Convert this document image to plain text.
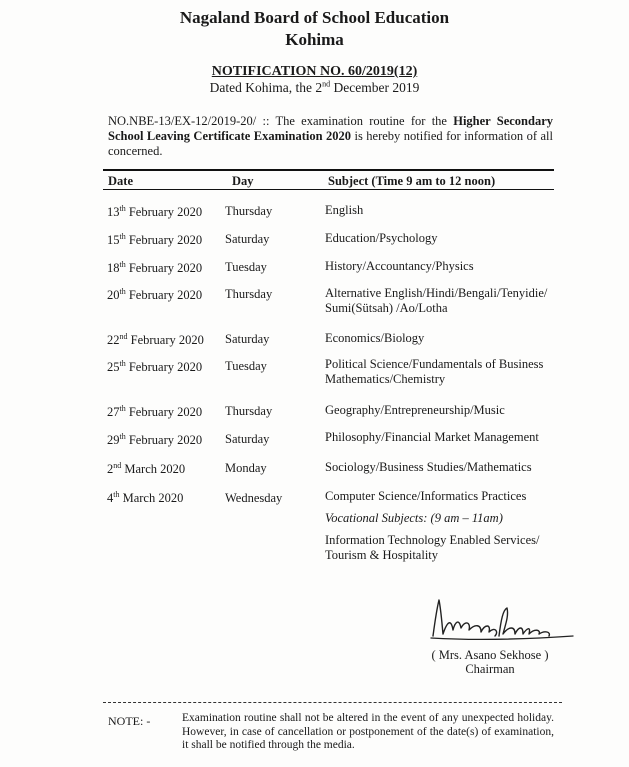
Nagaland Board of School Education
Kohima
NOTIFICATION NO. 60/2019(12)
Dated Kohima, the 2nd December 2019
NO.NBE-13/EX-12/2019-20/ :: The examination routine for the Higher Secondary School Leaving Certificate Examination 2020 is hereby notified for information of all concerned.
Date	Day	Subject (Time 9 am to 12 noon)
13th February 2020	Thursday	English
15th February 2020	Saturday	Education/Psychology
18th February 2020	Tuesday	History/Accountancy/Physics
20th February 2020	Thursday	Alternative English/Hindi/Bengali/Tenyidie/ Sumi(Sütsah) /Ao/Lotha
22nd February 2020	Saturday	Economics/Biology
25th February 2020	Tuesday	Political Science/Fundamentals of Business Mathematics/Chemistry
27th February 2020	Thursday	Geography/Entrepreneurship/Music
29th February 2020	Saturday	Philosophy/Financial Market Management
2nd March 2020	Monday	Sociology/Business Studies/Mathematics
4th March 2020	Wednesday	Computer Science/Informatics Practices
Vocational Subjects: (9 am – 11am)
Information Technology Enabled Services/ Tourism & Hospitality
( Mrs. Asano Sekhose )
Chairman
NOTE: -	Examination routine shall not be altered in the event of any unexpected holiday. However, in case of cancellation or postponement of the date(s) of examination, it shall be notified through the media.
